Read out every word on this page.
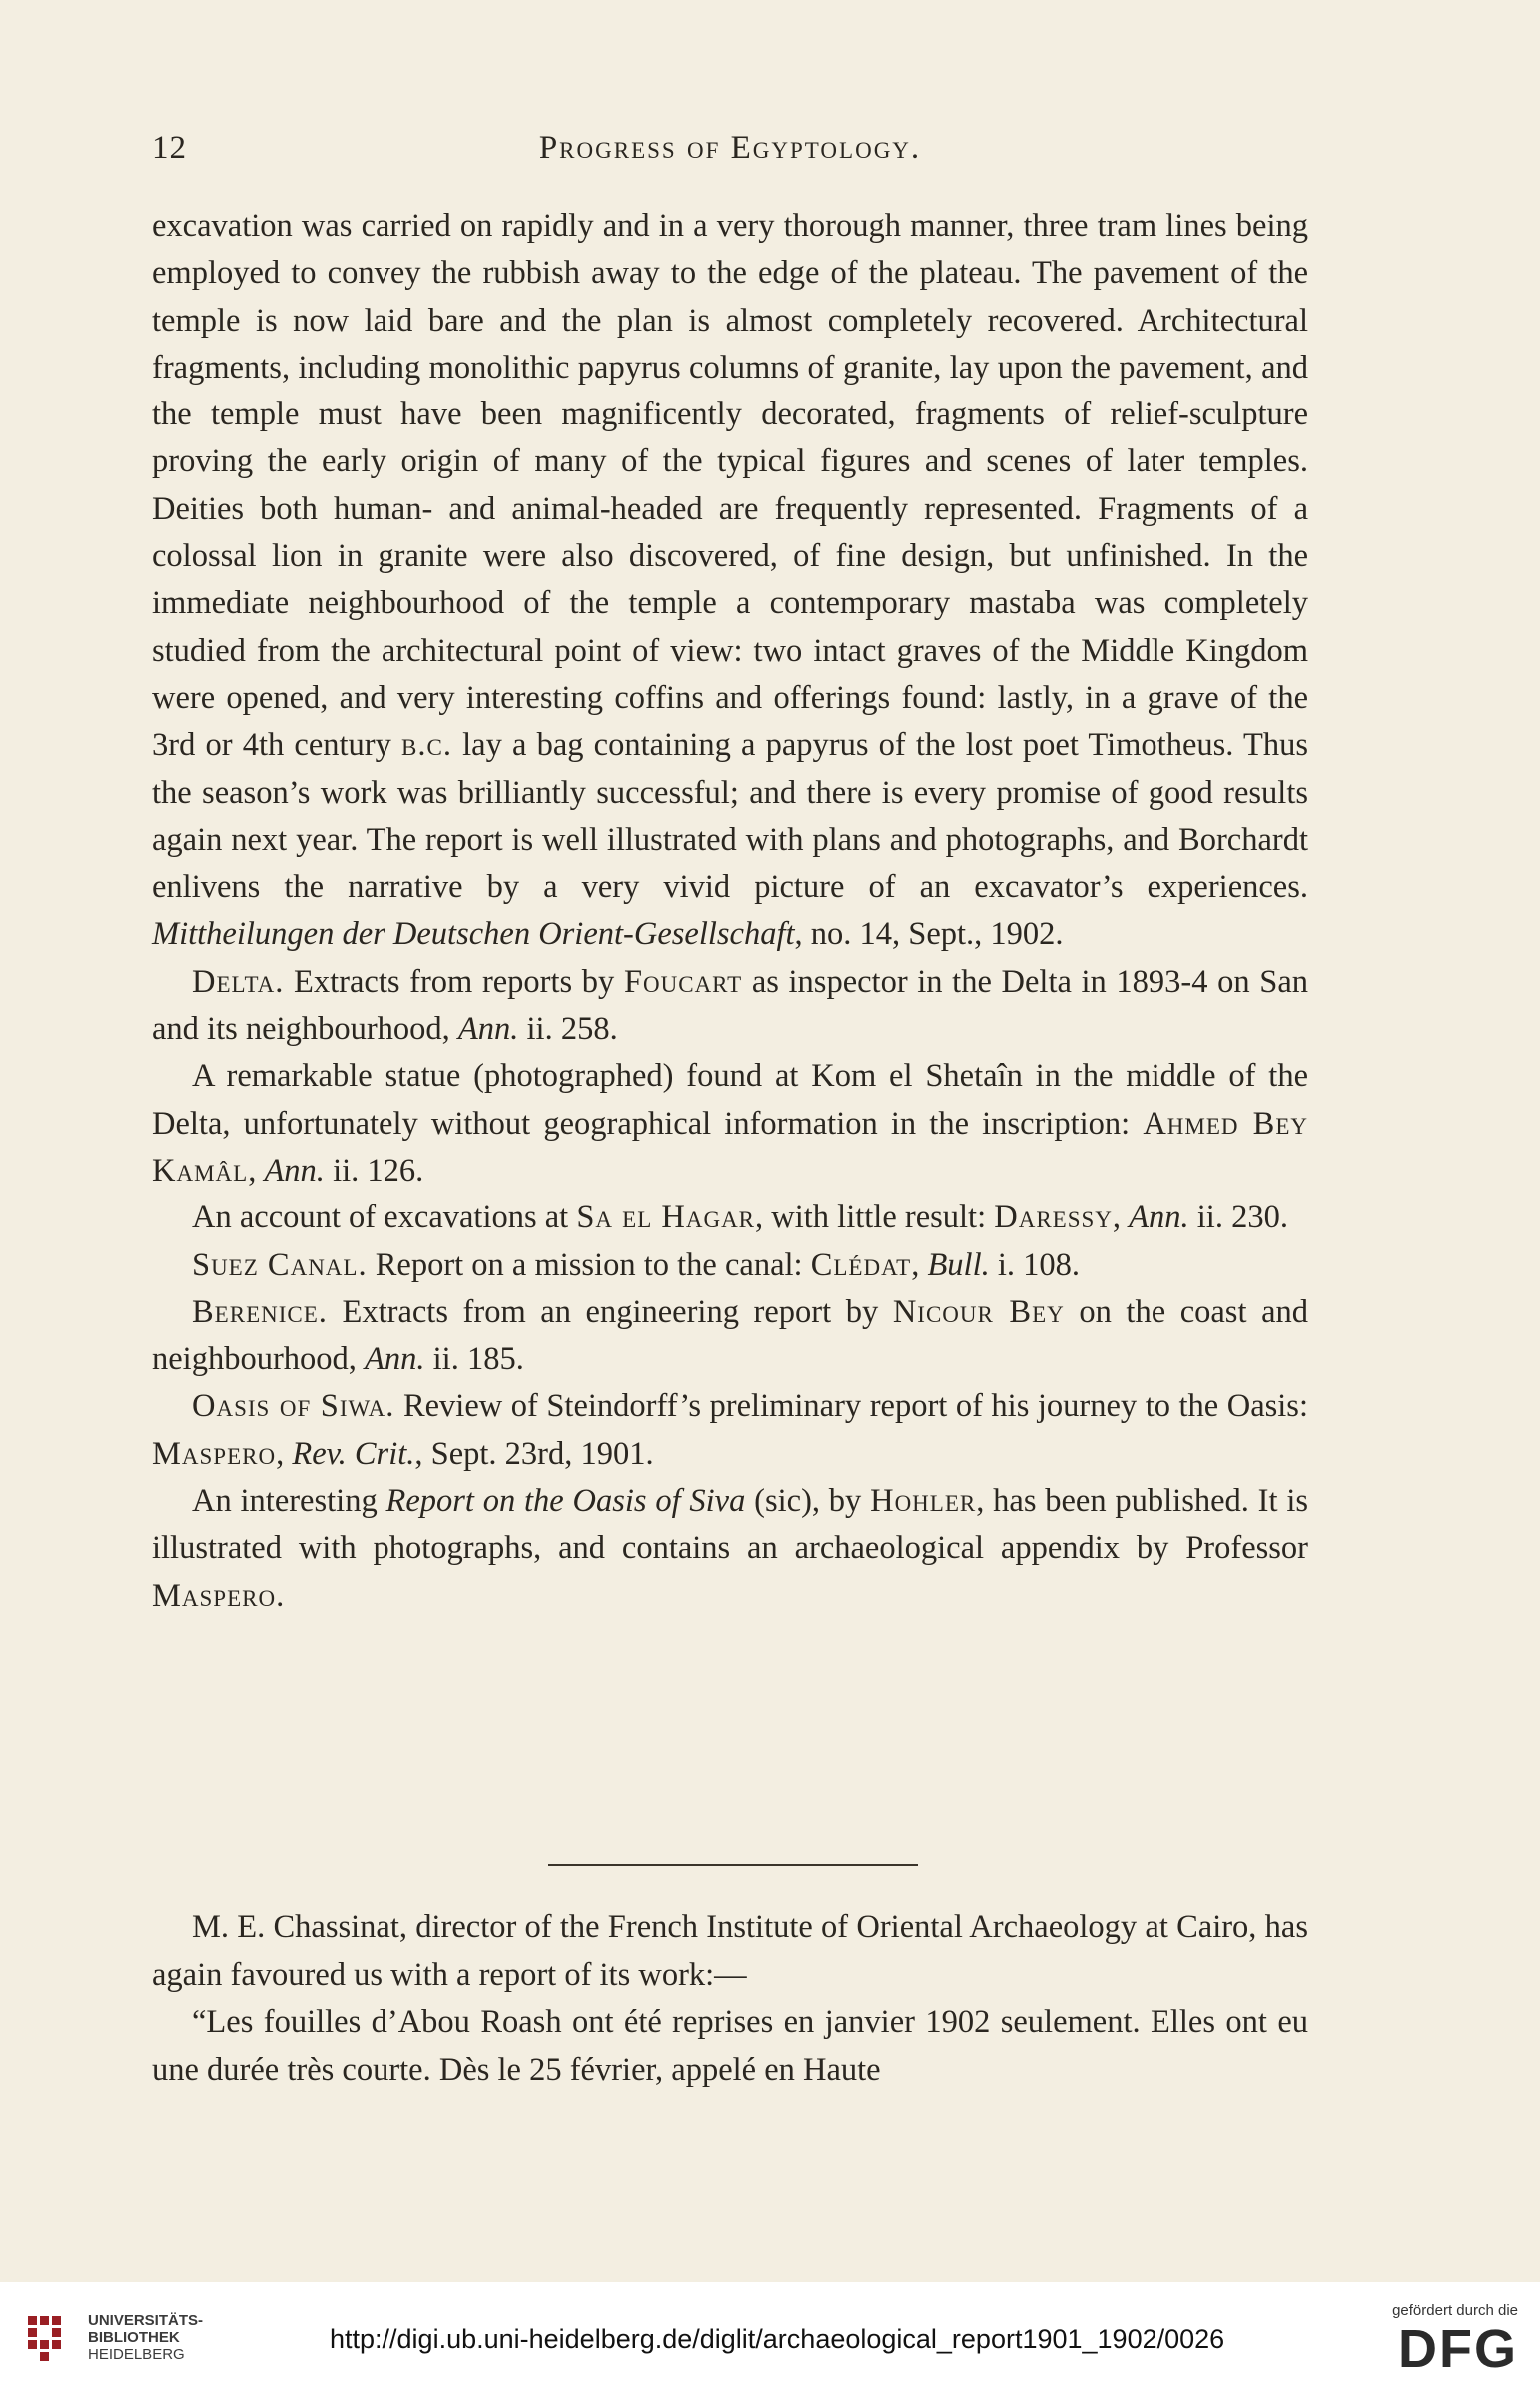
12	Progress of Egyptology.

excavation was carried on rapidly and in a very thorough manner, three tram lines being employed to convey the rubbish away to the edge of the plateau. The pavement of the temple is now laid bare and the plan is almost completely recovered. Architectural fragments, including monolithic papyrus columns of granite, lay upon the pavement, and the temple must have been magnificently decorated, fragments of relief-sculpture proving the early origin of many of the typical figures and scenes of later temples. Deities both human- and animal-headed are frequently represented. Fragments of a colossal lion in granite were also discovered, of fine design, but unfinished. In the immediate neighbourhood of the temple a contemporary mastaba was completely studied from the architectural point of view: two intact graves of the Middle Kingdom were opened, and very interesting coffins and offerings found: lastly, in a grave of the 3rd or 4th century b.c. lay a bag containing a papyrus of the lost poet Timotheus. Thus the season’s work was brilliantly successful; and there is every promise of good results again next year. The report is well illustrated with plans and photographs, and Borchardt enlivens the narrative by a very vivid picture of an excavator’s experiences. Mittheilungen der Deutschen Orient-Gesellschaft, no. 14, Sept., 1902.

Delta. Extracts from reports by Foucart as inspector in the Delta in 1893-4 on San and its neighbourhood, Ann. ii. 258.

A remarkable statue (photographed) found at Kom el Shetaîn in the middle of the Delta, unfortunately without geographical information in the inscription: Ahmed Bey Kamâl, Ann. ii. 126.

An account of excavations at Sa el Hagar, with little result: Daressy, Ann. ii. 230.

Suez Canal. Report on a mission to the canal: Clédat, Bull. i. 108.

Berenice. Extracts from an engineering report by Nicour Bey on the coast and neighbourhood, Ann. ii. 185.

Oasis of Siwa. Review of Steindorff’s preliminary report of his journey to the Oasis: Maspero, Rev. Crit., Sept. 23rd, 1901.

An interesting Report on the Oasis of Siva (sic), by Hohler, has been published. It is illustrated with photographs, and contains an archaeological appendix by Professor Maspero.

M. E. Chassinat, director of the French Institute of Oriental Archaeology at Cairo, has again favoured us with a report of its work:—

“Les fouilles d’Abou Roash ont été reprises en janvier 1902 seulement. Elles ont eu une durée très courte. Dès le 25 février, appelé en Haute

UNIVERSITÄTS-
BIBLIOTHEK
HEIDELBERG
http://digi.ub.uni-heidelberg.de/diglit/archaeological_report1901_1902/0026
gefördert durch die
DFG
